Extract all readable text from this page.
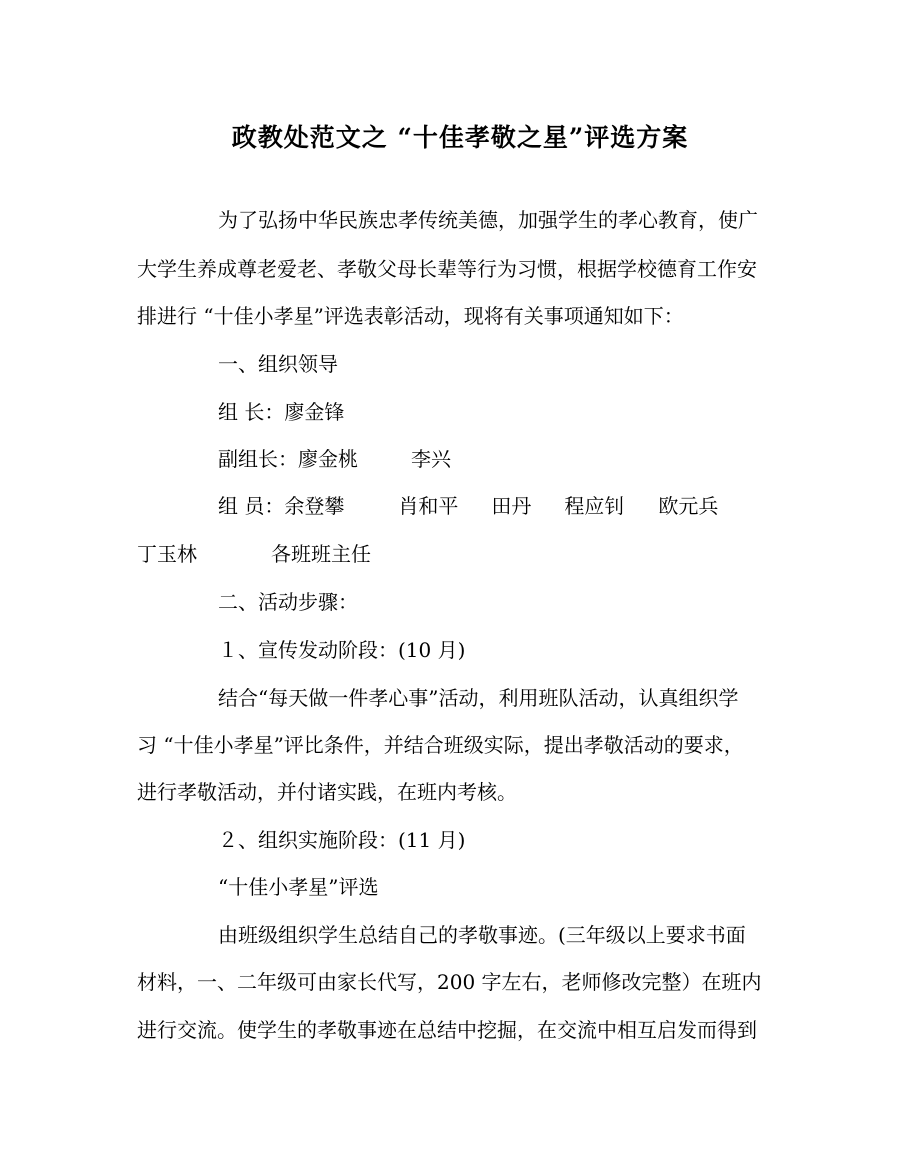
政教处范文之 “十佳孝敬之星”评选方案
为了弘扬中华民族忠孝传统美德，加强学生的孝心教育，使广
大学生养成尊老爱老、孝敬父母长辈等行为习惯，根据学校德育工作安
排进行 “十佳小孝星”评选表彰活动，现将有关事项通知如下：
一、组织领导
组 长：廖金锋
副组长：廖金桃	李兴
组 员：余登攀	肖和平 田丹 程应钊 欧元兵
丁玉林	各班班主任
二、活动步骤：
１、宣传发动阶段：(10 月)
结合“每天做一件孝心事”活动，利用班队活动，认真组织学
习 “十佳小孝星”评比条件，并结合班级实际，提出孝敬活动的要求，
进行孝敬活动，并付诸实践，在班内考核。
２、组织实施阶段：(11 月)
“十佳小孝星”评选
由班级组织学生总结自己的孝敬事迹。(三年级以上要求书面
材料，一、二年级可由家长代写，200 字左右，老师修改完整）在班内
进行交流。使学生的孝敬事迹在总结中挖掘，在交流中相互启发而得到
